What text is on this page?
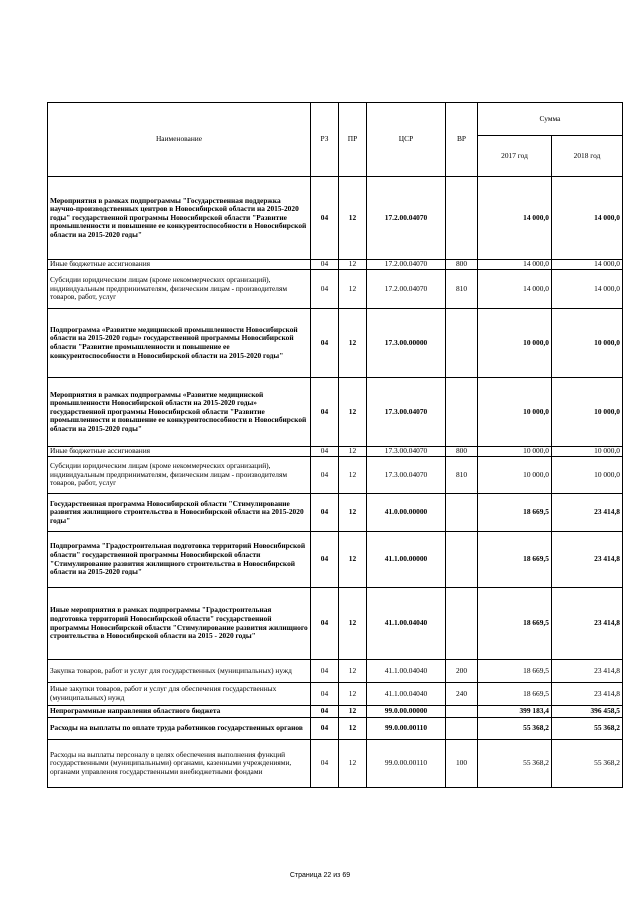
Наименование	РЗ	ПР	ЦСР	ВР	Сумма	
					2017 год	2018 год
Мероприятия в рамках подпрограммы "Государственная поддержка научно-производственных центров в Новосибирской области на 2015-2020 годы" государственной программы Новосибирской области "Развитие промышленности и повышение ее конкурентоспособности в Новосибирской области на 2015-2020 годы"	04	12	17.2.00.04070		14 000,0	14 000,0
Иные бюджетные ассигнования	04	12	17.2.00.04070	800	14 000,0	14 000,0
Субсидии юридическим лицам (кроме некоммерческих организаций), индивидуальным предпринимателям, физическим лицам - производителям товаров, работ, услуг	04	12	17.2.00.04070	810	14 000,0	14 000,0
Подпрограмма «Развитие медицинской промышленности Новосибирской области на 2015-2020 годы» государственной программы Новосибирской области "Развитие промышленности и повышение ее конкурентоспособности в Новосибирской области на 2015-2020 годы"	04	12	17.3.00.00000		10 000,0	10 000,0
Мероприятия в рамках подпрограммы «Развитие медицинской промышленности Новосибирской области на 2015-2020 годы» государственной программы Новосибирской области "Развитие промышленности и повышение ее конкурентоспособности в Новосибирской области на 2015-2020 годы"	04	12	17.3.00.04070		10 000,0	10 000,0
Иные бюджетные ассигнования	04	12	17.3.00.04070	800	10 000,0	10 000,0
Субсидии юридическим лицам (кроме некоммерческих организаций), индивидуальным предпринимателям, физическим лицам - производителям товаров, работ, услуг	04	12	17.3.00.04070	810	10 000,0	10 000,0
Государственная программа Новосибирской области "Стимулирование развития жилищного строительства в Новосибирской области на 2015-2020 годы"	04	12	41.0.00.00000		18 669,5	23 414,8
Подпрограмма "Градостроительная подготовка территорий Новосибирской области" государственной программы Новосибирской области "Стимулирование развития жилищного строительства в Новосибирской области на 2015-2020 годы"	04	12	41.1.00.00000		18 669,5	23 414,8
Иные мероприятия в рамках подпрограммы "Градостроительная подготовка территорий Новосибирской области" государственной программы Новосибирской области "Стимулирование развития жилищного строительства в Новосибирской области на 2015 - 2020 годы"	04	12	41.1.00.04040		18 669,5	23 414,8
Закупка товаров, работ и услуг для государственных (муниципальных) нужд	04	12	41.1.00.04040	200	18 669,5	23 414,8
Иные закупки товаров, работ и услуг для обеспечения государственных (муниципальных) нужд	04	12	41.1.00.04040	240	18 669,5	23 414,8
Непрограммные направления областного бюджета	04	12	99.0.00.00000		399 183,4	396 458,5
Расходы на выплаты по оплате труда работников государственных органов	04	12	99.0.00.00110		55 368,2	55 368,2
Расходы на выплаты персоналу в целях обеспечения выполнения функций государственными (муниципальными) органами, казенными учреждениями, органами управления государственными внебюджетными фондами	04	12	99.0.00.00110	100	55 368,2	55 368,2
Страница 22 из 69
